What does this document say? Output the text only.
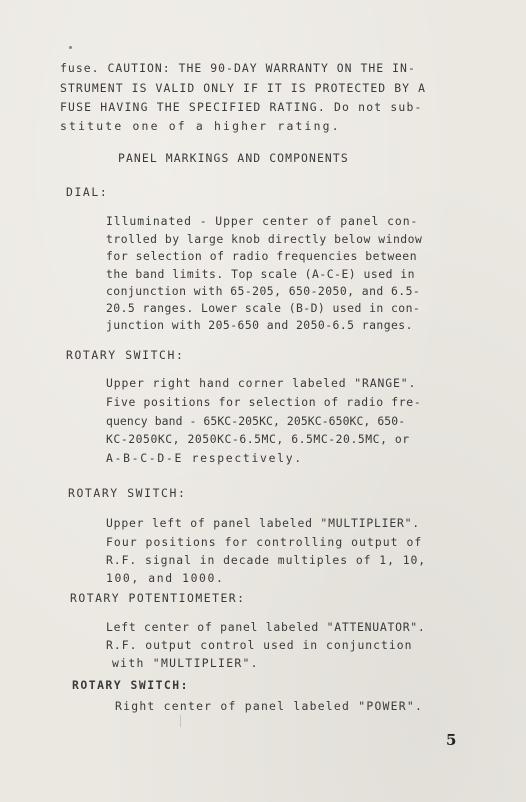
fuse. CAUTION: THE 90-DAY WARRANTY ON THE IN-
STRUMENT IS VALID ONLY IF IT IS PROTECTED BY A
FUSE HAVING THE SPECIFIED RATING. Do not sub-
stitute one of a higher rating.
PANEL MARKINGS AND COMPONENTS
DIAL:
Illuminated - Upper center of panel con-
trolled by large knob directly below window
for selection of radio frequencies between
the band limits. Top scale (A-C-E) used in
conjunction with 65-205, 650-2050, and 6.5-
20.5 ranges. Lower scale (B-D) used in con-
junction with 205-650 and 2050-6.5 ranges.
ROTARY SWITCH:
Upper right hand corner labeled "RANGE".
Five positions for selection of radio fre-
quency band - 65KC-205KC, 205KC-650KC, 650-
KC-2050KC, 2050KC-6.5MC, 6.5MC-20.5MC, or
A-B-C-D-E respectively.
ROTARY SWITCH:
Upper left of panel labeled "MULTIPLIER".
Four positions for controlling output of
R.F. signal in decade multiples of 1, 10,
100, and 1000.
ROTARY POTENTIOMETER:
Left center of panel labeled "ATTENUATOR".
R.F. output control used in conjunction
with "MULTIPLIER".
ROTARY SWITCH:
Right center of panel labeled "POWER".
5
